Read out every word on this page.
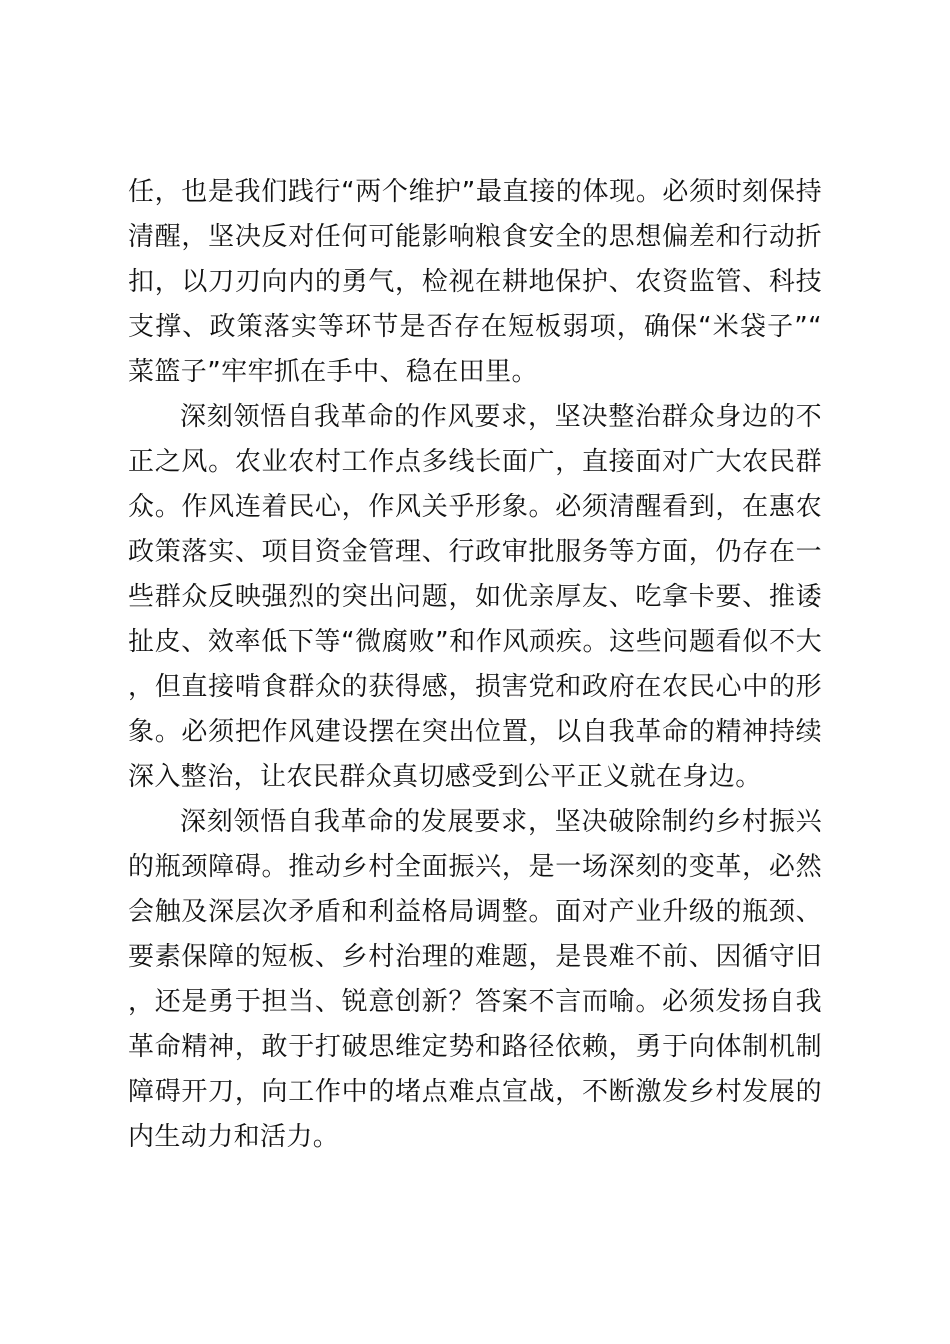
任，也是我们践行“两个维护”最直接的体现。必须时刻保持清醒，坚决反对任何可能影响粮食安全的思想偏差和行动折扣，以刀刃向内的勇气，检视在耕地保护、农资监管、科技支撑、政策落实等环节是否存在短板弱项，确保“米袋子”“菜篮子”牢牢抓在手中、稳在田里。

深刻领悟自我革命的作风要求，坚决整治群众身边的不正之风。农业农村工作点多线长面广，直接面对广大农民群众。作风连着民心，作风关乎形象。必须清醒看到，在惠农政策落实、项目资金管理、行政审批服务等方面，仍存在一些群众反映强烈的突出问题，如优亲厚友、吃拿卡要、推诿扯皮、效率低下等“微腐败”和作风顽疾。这些问题看似不大，但直接啃食群众的获得感，损害党和政府在农民心中的形象。必须把作风建设摆在突出位置，以自我革命的精神持续深入整治，让农民群众真切感受到公平正义就在身边。

深刻领悟自我革命的发展要求，坚决破除制约乡村振兴的瓶颈障碍。推动乡村全面振兴，是一场深刻的变革，必然会触及深层次矛盾和利益格局调整。面对产业升级的瓶颈、要素保障的短板、乡村治理的难题，是畏难不前、因循守旧，还是勇于担当、锐意创新？答案不言而喻。必须发扬自我革命精神，敢于打破思维定势和路径依赖，勇于向体制机制障碍开刀，向工作中的堵点难点宣战，不断激发乡村发展的内生动力和活力。
